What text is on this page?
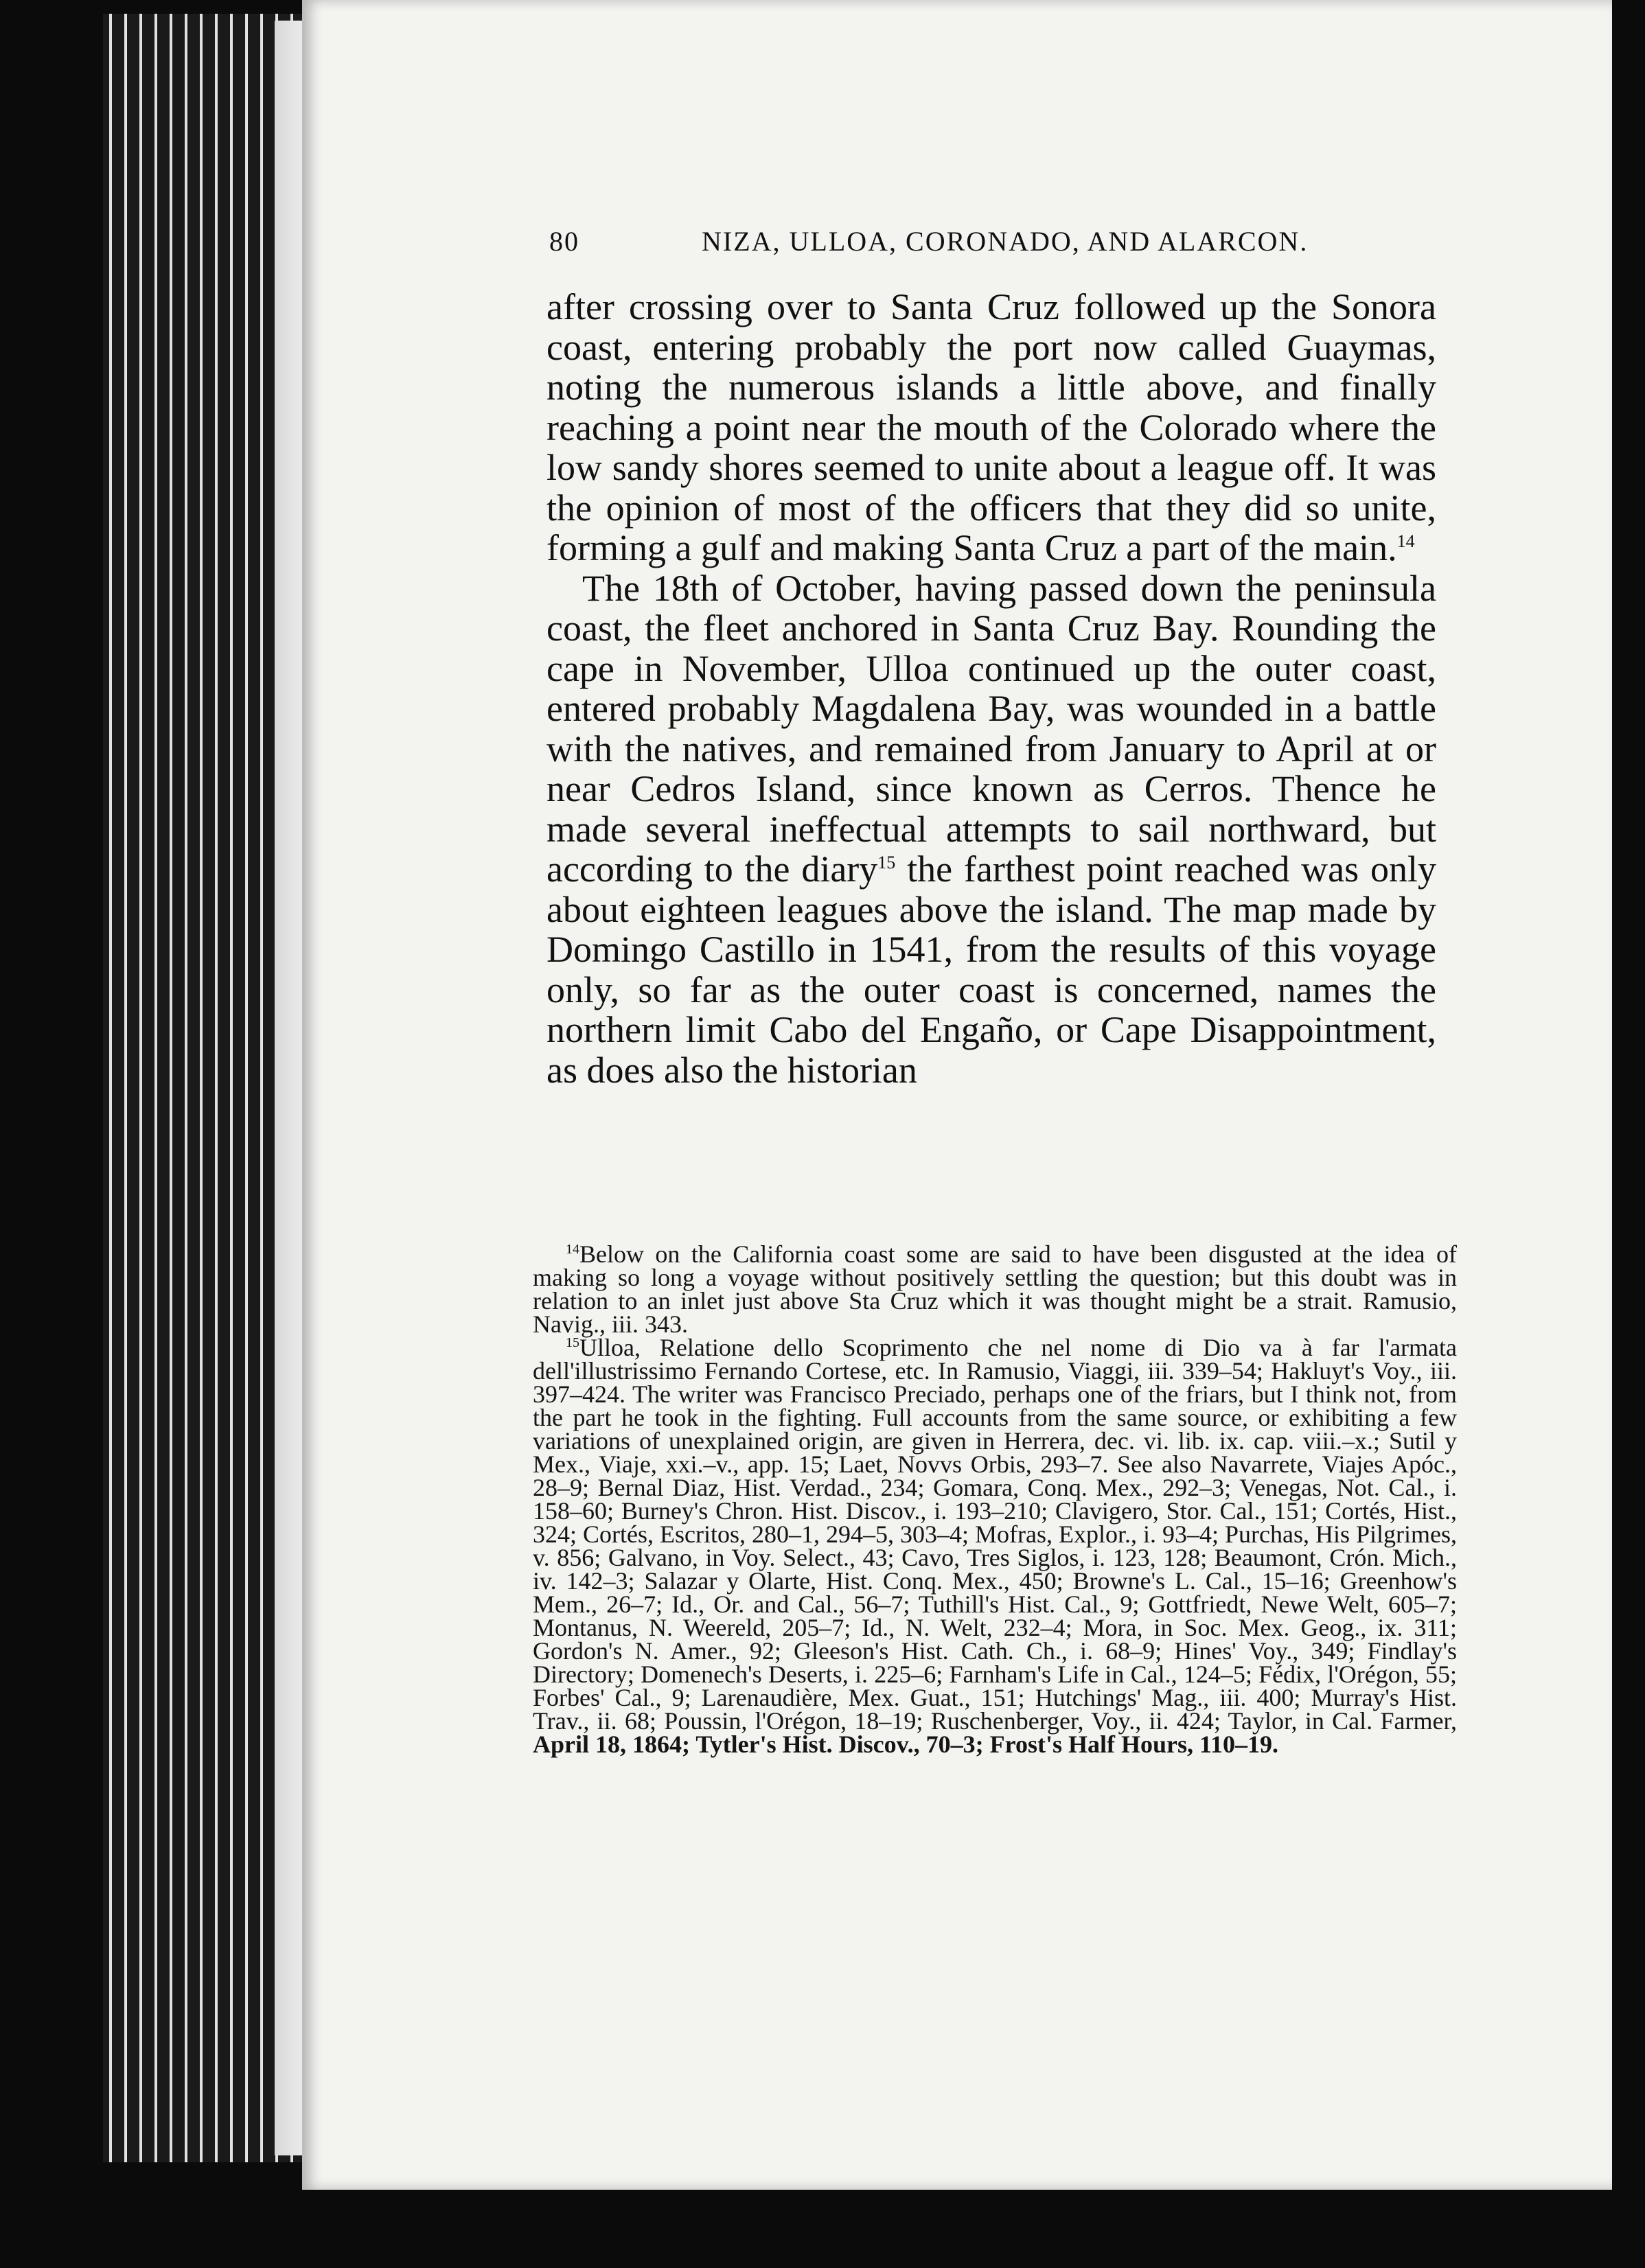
80	NIZA, ULLOA, CORONADO, AND ALARCON.

after crossing over to Santa Cruz followed up the Sonora coast, entering probably the port now called Guaymas, noting the numerous islands a little above, and finally reaching a point near the mouth of the Colorado where the low sandy shores seemed to unite about a league off. It was the opinion of most of the officers that they did so unite, forming a gulf and making Santa Cruz a part of the main.$^{14}$

The 18th of October, having passed down the peninsula coast, the fleet anchored in Santa Cruz Bay. Rounding the cape in November, Ulloa continued up the outer coast, entered probably Magdalena Bay, was wounded in a battle with the natives, and remained from January to April at or near Cedros Island, since known as Cerros. Thence he made several ineffectual attempts to sail northward, but according to the diary$^{15}$ the farthest point reached was only about eighteen leagues above the island. The map made by Domingo Castillo in 1541, from the results of this voyage only, so far as the outer coast is concerned, names the northern limit Cabo del Engaño, or Cape Disappointment, as does also the historian

$^{14}$Below on the California coast some are said to have been disgusted at the idea of making so long a voyage without positively settling the question; but this doubt was in relation to an inlet just above Sta Cruz which it was thought might be a strait. Ramusio, Navig., iii. 343.

$^{15}$Ulloa, Relatione dello Scoprimento che nel nome di Dio va à far l'armata dell'illustrissimo Fernando Cortese, etc. In Ramusio, Viaggi, iii. 339–54; Hakluyt's Voy., iii. 397–424. The writer was Francisco Preciado, perhaps one of the friars, but I think not, from the part he took in the fighting. Full accounts from the same source, or exhibiting a few variations of unexplained origin, are given in Herrera, dec. vi. lib. ix. cap. viii.–x.; Sutil y Mex., Viaje, xxi.–v., app. 15; Laet, Novvs Orbis, 293–7. See also Navarrete, Viajes Apóc., 28–9; Bernal Diaz, Hist. Verdad., 234; Gomara, Conq. Mex., 292–3; Venegas, Not. Cal., i. 158–60; Burney's Chron. Hist. Discov., i. 193–210; Clavigero, Stor. Cal., 151; Cortés, Hist., 324; Cortés, Escritos, 280–1, 294–5, 303–4; Mofras, Explor., i. 93–4; Purchas, His Pilgrimes, v. 856; Galvano, in Voy. Select., 43; Cavo, Tres Siglos, i. 123, 128; Beaumont, Crón. Mich., iv. 142–3; Salazar y Olarte, Hist. Conq. Mex., 450; Browne's L. Cal., 15–16; Greenhow's Mem., 26–7; Id., Or. and Cal., 56–7; Tuthill's Hist. Cal., 9; Gottfriedt, Newe Welt, 605–7; Montanus, N. Weereld, 205–7; Id., N. Welt, 232–4; Mora, in Soc. Mex. Geog., ix. 311; Gordon's N. Amer., 92; Gleeson's Hist. Cath. Ch., i. 68–9; Hines' Voy., 349; Findlay's Directory; Domenech's Deserts, i. 225–6; Farnham's Life in Cal., 124–5; Fédix, l'Orégon, 55; Forbes' Cal., 9; Larenaudière, Mex. Guat., 151; Hutchings' Mag., iii. 400; Murray's Hist. Trav., ii. 68; Poussin, l'Orégon, 18–19; Ruschenberger, Voy., ii. 424; Taylor, in Cal. Farmer, April 18, 1864; Tytler's Hist. Discov., 70–3; Frost's Half Hours, 110–19.
